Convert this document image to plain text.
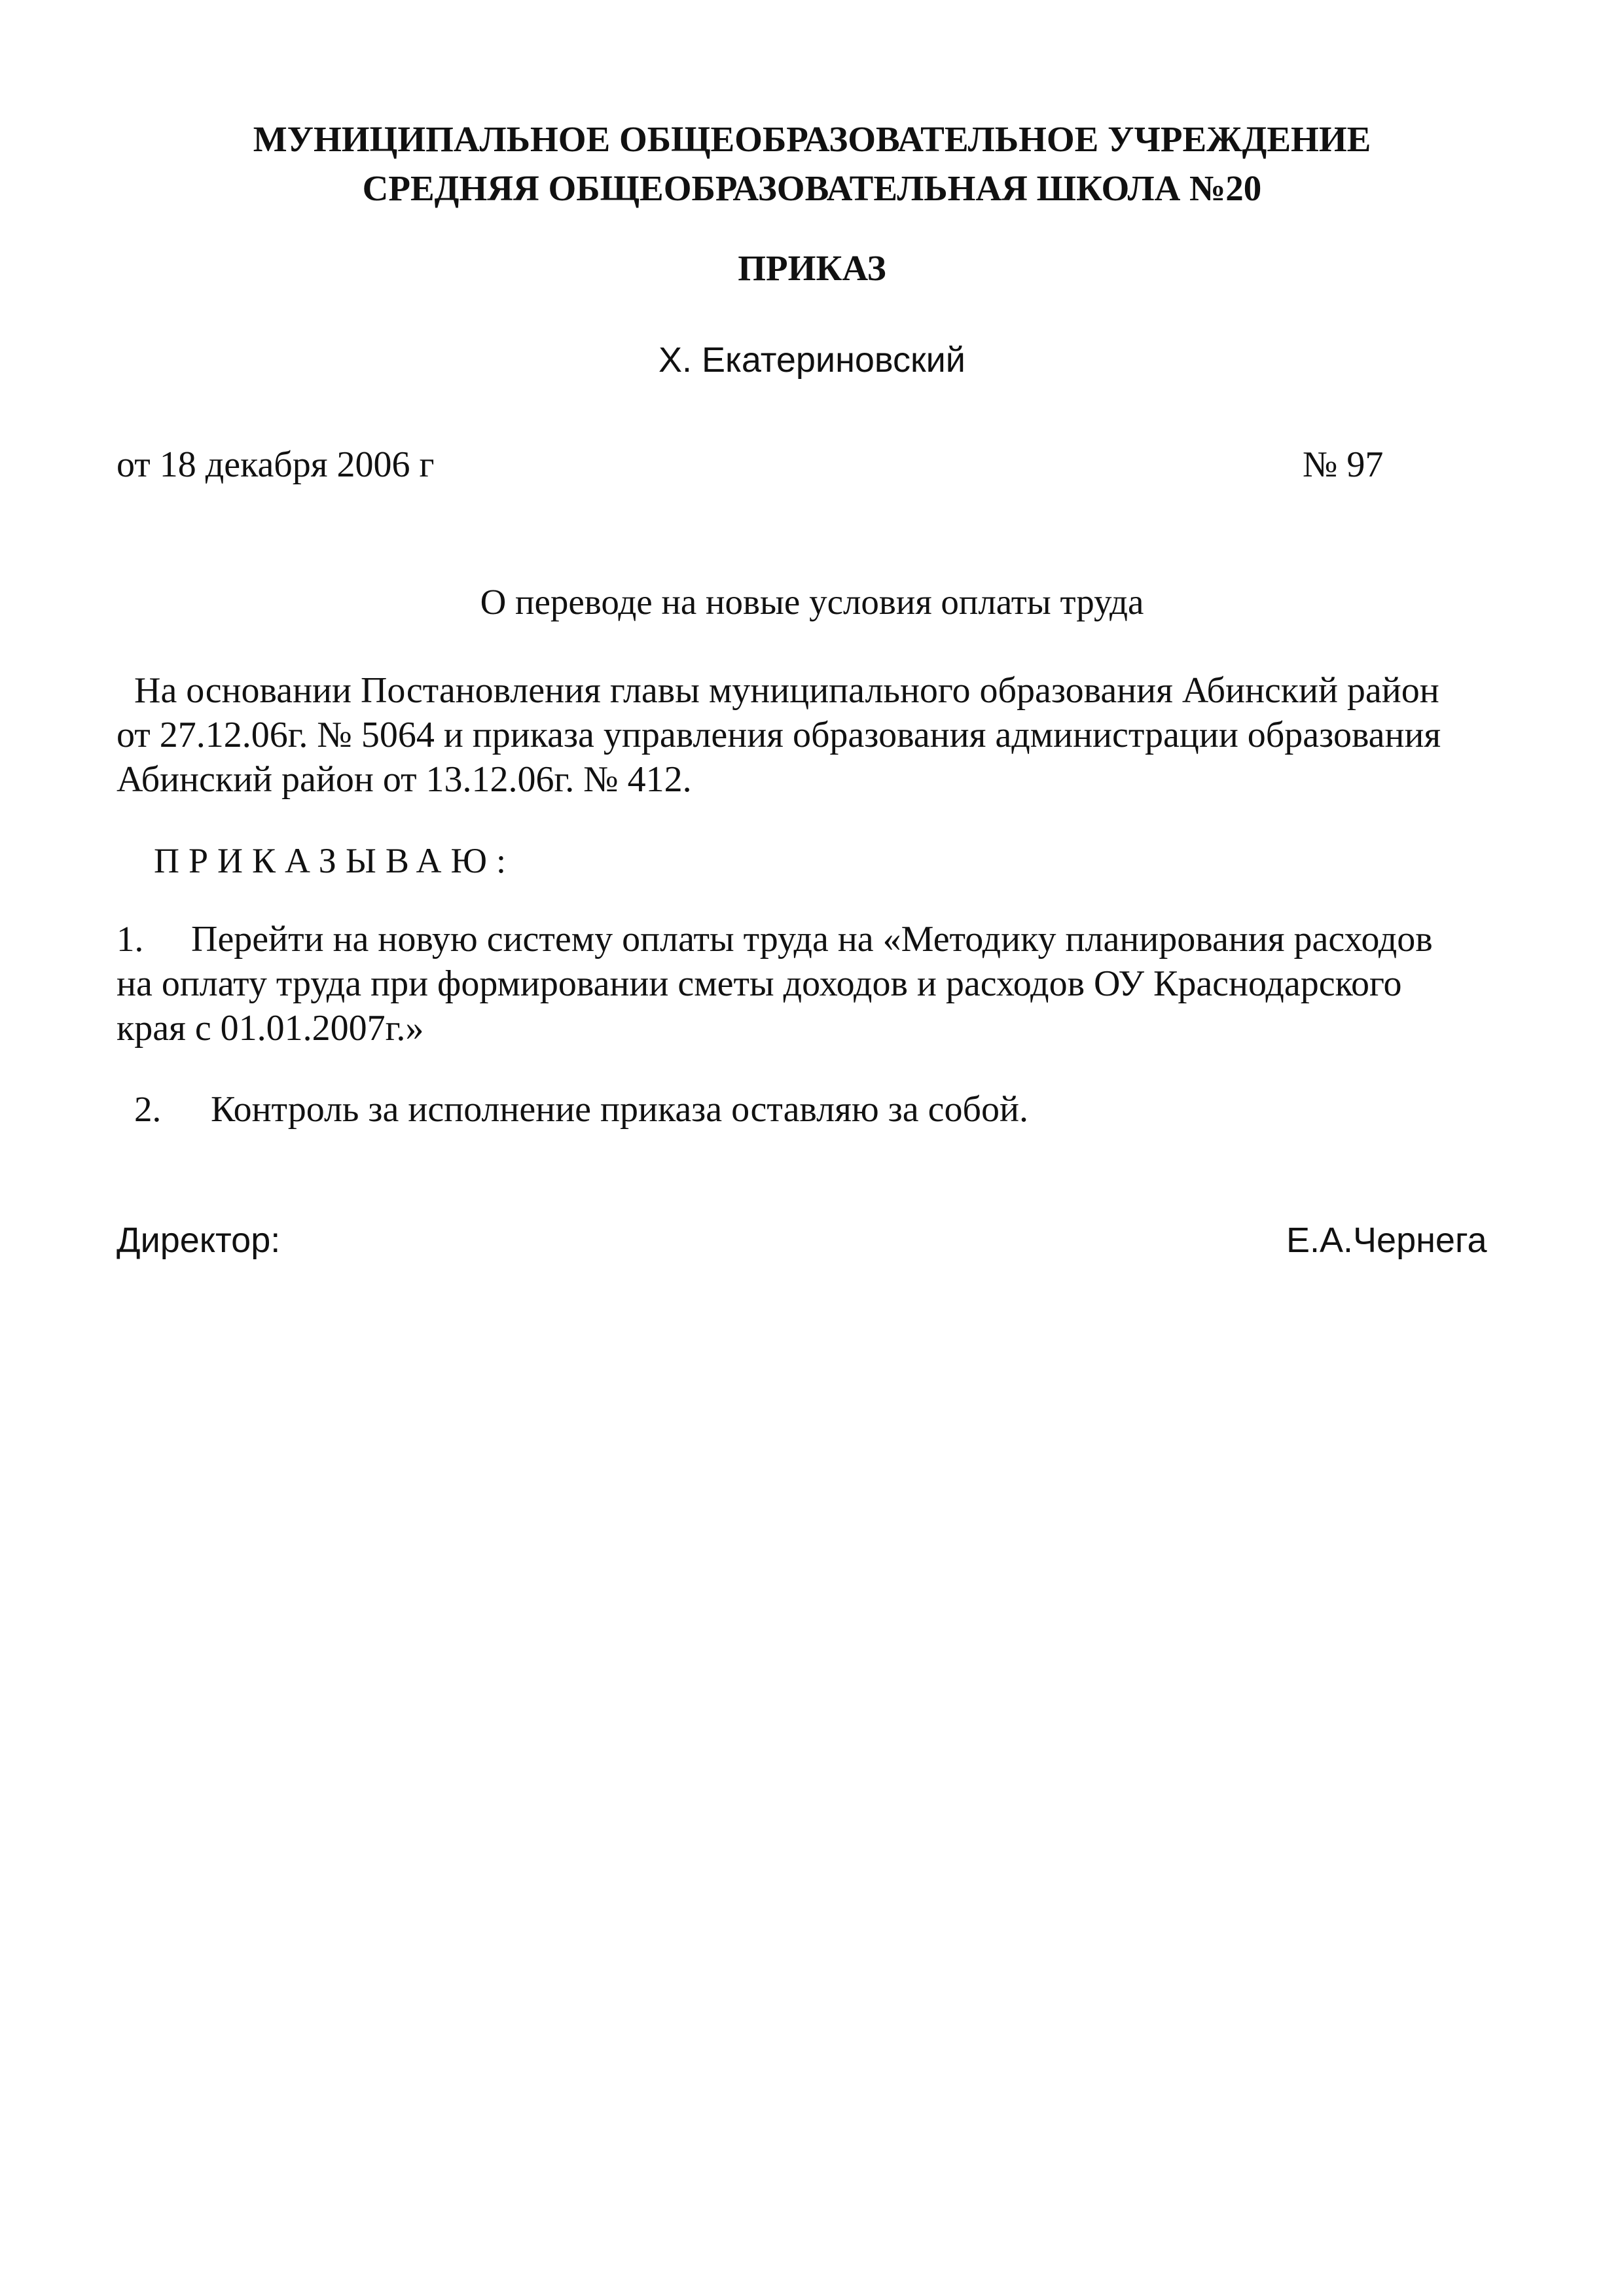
МУНИЦИПАЛЬНОЕ ОБЩЕОБРАЗОВАТЕЛЬНОЕ УЧРЕЖДЕНИЕ
СРЕДНЯЯ ОБЩЕОБРАЗОВАТЕЛЬНАЯ ШКОЛА №20
ПРИКАЗ
Х. Екатериновский
от 18 декабря 2006 г	№ 97
О переводе на новые условия оплаты труда
На основании Постановления главы муниципального образования Абинский район
от 27.12.06г. № 5064 и приказа управления образования администрации образования
Абинский район от 13.12.06г. № 412.
ПРИКАЗЫВАЮ:
1. Перейти на новую систему оплаты труда на «Методику планирования расходов
на оплату труда при формировании сметы доходов и расходов ОУ Краснодарского
края с 01.01.2007г.»
2. Контроль за исполнение приказа оставляю за собой.
Директор:	Е.А.Чернега
